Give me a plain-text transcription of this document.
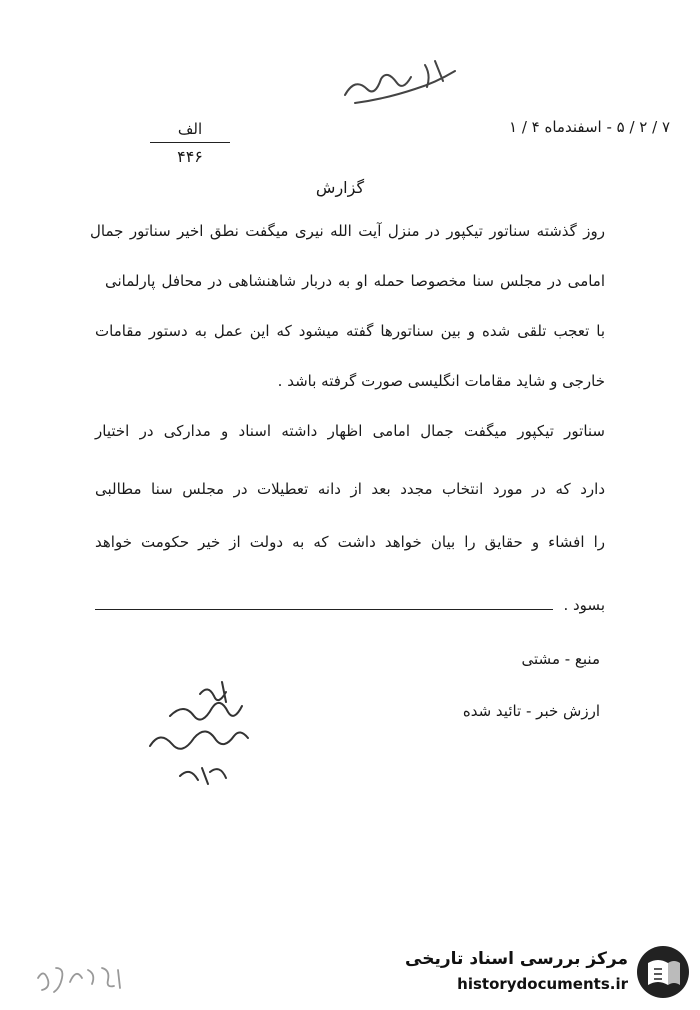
۷ / ۲ / ۵ - اسفندماه ۴ / ۱
الف
۴۴۶
گزارش
روز گذشته سناتور تیکپور در منزل آیت الله نیری میگفت نطق اخیر سناتور جمال
امامی در مجلس سنا مخصوصا حمله او به دربار شاهنشاهی در محافل پارلمانی
با تعجب تلقی شده و بین سناتورها گفته میشود که این عمل به دستور مقامات
خارجی و شاید مقامات انگلیسی صورت گرفته باشد .
سناتور تیکپور میگفت جمال امامی اظهار داشته اسناد و مدارکی در اختیار
دارد که در مورد انتخاب مجدد بعد از دانه تعطیلات در مجلس سنا مطالبی
را افشاء و حقایق را بیان خواهد داشت که به دولت از خیر حکومت خواهد
بسود .
منبع - مشتی
ارزش خبر - تائید شده
مرکز بررسی اسناد تاریخی
historydocuments.ir
